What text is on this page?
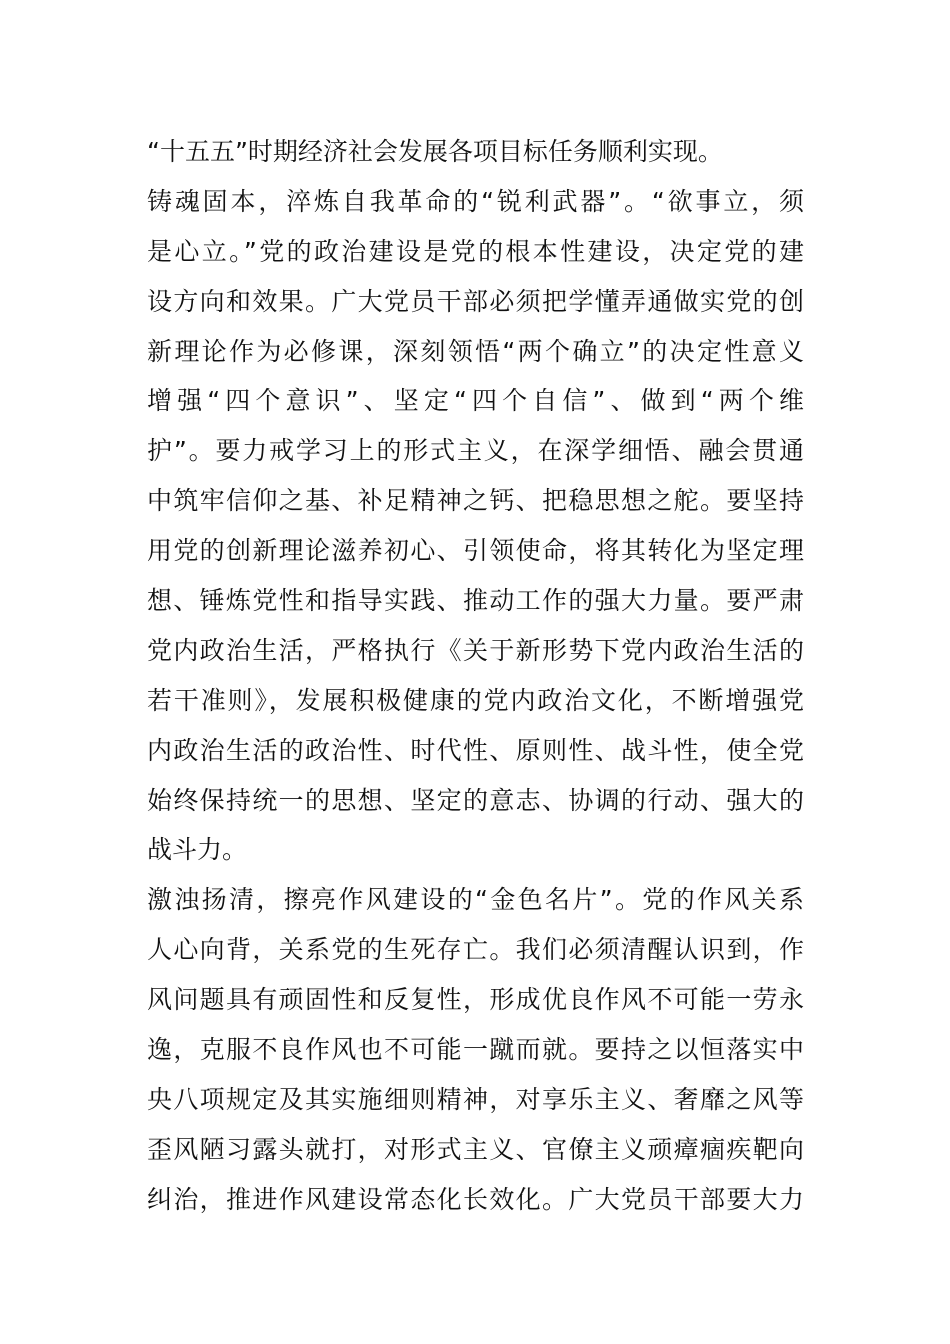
“十五五”时期经济社会发展各项目标任务顺利实现。
铸魂固本，淬炼自我革命的“锐利武器”。“欲事立，须
是心立。”党的政治建设是党的根本性建设，决定党的建
设方向和效果。广大党员干部必须把学懂弄通做实党的创
新理论作为必修课，深刻领悟“两个确立”的决定性意义
增强“四个意识”、坚定“四个自信”、做到“两个维
护”。要力戒学习上的形式主义，在深学细悟、融会贯通
中筑牢信仰之基、补足精神之钙、把稳思想之舵。要坚持
用党的创新理论滋养初心、引领使命，将其转化为坚定理
想、锤炼党性和指导实践、推动工作的强大力量。要严肃
党内政治生活，严格执行《关于新形势下党内政治生活的
若干准则》，发展积极健康的党内政治文化，不断增强党
内政治生活的政治性、时代性、原则性、战斗性，使全党
始终保持统一的思想、坚定的意志、协调的行动、强大的
战斗力。
激浊扬清，擦亮作风建设的“金色名片”。党的作风关系
人心向背，关系党的生死存亡。我们必须清醒认识到，作
风问题具有顽固性和反复性，形成优良作风不可能一劳永
逸，克服不良作风也不可能一蹴而就。要持之以恒落实中
央八项规定及其实施细则精神，对享乐主义、奢靡之风等
歪风陋习露头就打，对形式主义、官僚主义顽瘴痼疾靶向
纠治，推进作风建设常态化长效化。广大党员干部要大力
